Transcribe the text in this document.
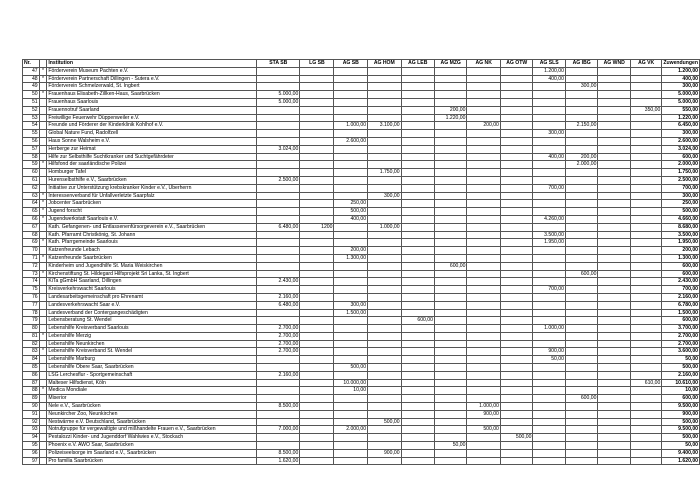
Nr.		Institution	STA SB	LG SB	AG SB	AG HOM	AG LEB	AG MZG	AG NK	AG OTW	AG SLS	AG IBG	AG WND	AG VK	Zuwendungen
47	*	Förderverein Museum Pachten e.V.									1.200,00				1.200,00
48	*	Förderverein Partnerschaft Dillingen - Sutera e.V.									400,00				400,00
49		Förderverein Schmelzerwald, St. Ingbert										300,00			300,00
50	*	Frauenhaus Elisabeth-Zillken-Haus, Saarbrücken	5.000,00												5.000,00
51		Frauenhaus Saarlouis	5.000,00												5.000,00
52		Frauennotruf Saarland						200,00						350,00	550,00
53		Freiwillige Feuerwehr Düppenweiler e.V.						1.220,00							1.220,00
54		Freunde und Förderer der Kinderklinik Kohlhof e.V.			1.000,00	3.100,00			200,00			2.150,00			6.450,00
55		Global Nature Fund, Radolfzell									300,00				300,00
56		Haus Sonne Walsheim e.V.			2.600,00										2.600,00
57		Herberge zur Heimat	3.024,00												3.024,00
58		Hilfe zur Selbsthilfe Suchtkranker und Suchtgefährdeter									400,00	200,00			600,00
59	*	Hilfsfond der saarländische Polizei										2.000,00			2.000,00
60		Homburger Tafel				1.750,00									1.750,00
61		Hurenselbsthilfe e.V., Saarbrücken	2.500,00												2.500,00
62		Initiative zur Unterstützung krebskranker Kinder e.V., Überherrn									700,00				700,00
63	*	Interessenverband für Unfallverletzte Saarpfalz				300,00									300,00
64	*	Jobcenter Saarbrücken			250,00										250,00
65	*	Jugend forscht			500,00										500,00
66	*	Jugendwerkstatt Saarlouis e.V.			400,00						4.260,00				4.660,00
67		Kath. Gefangenen- und Entlassenenfürsorgeverein e.V., Saarbrücken	6.480,00	1200		1.000,00									8.680,00
68		Kath. Pfarramt Christkönig, St. Johann									3.500,00				3.500,00
69	*	Kath. Pfarrgemeinde Saarlouis									1.950,00				1.950,00
70		Katzenfreunde Lebach			200,00										200,00
71	*	Katzenfreunde Saarbrücken			1.300,00										1.300,00
72		Kinderheim und Jugendhilfe St. Maria Weiskirchen						600,00							600,00
73	*	Kirchenstiftung St. Hildegard Hilfsprojekt Sri Lanka, St. Ingbert										600,00			600,00
74		KiTa gGmbH Saarland, Dillingen	2.430,00												2.430,00
75		Kreisverkehrswacht Saarlouis									700,00				700,00
76		Landesarbeitsgemeinschaft pro Ehrenamt	2.160,00												2.160,00
77		Landesverkehrswacht Saar e.V.	6.480,00		300,00										6.780,00
78		Landesverband der Contergangeschädigten			1.500,00										1.500,00
79		Lebensberatung St. Wendel					600,00								600,00
80		Lebenshilfe Kreisverband Saarlouis	2.700,00								1.000,00				3.700,00
81	*	Lebenshilfe Merzig	2.700,00												2.700,00
82		Lebenshilfe Neunkirchen	2.700,00												2.700,00
83	*	Lebenshilfe Kreisverband St. Wendel	2.700,00								900,00				3.600,00
84		Lebenshilfe Marburg									50,00				50,00
85		Lebenshilfe Obere Saar, Saarbrücken			500,00										500,00
86		LSG Lerchesflur - Sportgemeinschaft	2.160,00												2.160,00
87		Malteser Hilfsdienst, Köln			10.000,00									610,00	10.610,00
88	*	Medica Mondiale			10,00										10,00
89		Miserior										600,00			600,00
90		Nele e.V., Saarbrücken	8.500,00						1.000,00						9.500,00
91		Neunkircher Zoo, Neunkirchen							900,00						900,00
92		Nestwärme e.V. Deutschland, Saarbrücken				500,00									500,00
93		Notrufgruppe für vergewaltigte und mißhandelte Frauen e.V., Saarbrücken	7.000,00		2.000,00				500,00						9.500,00
94		Pestalozzi Kinder- und Jugenddorf Wahlwies e.V., Stockach								500,00					500,00
95		Phoenix e.V. AWO Saar, Saarbrücken						50,00							50,00
96		Polizeiseelsorge im Saarland e.V., Saarbrücken	8.500,00			900,00									9.400,00
97		Pro familia Saarbrücken	1.620,00												1.620,00
